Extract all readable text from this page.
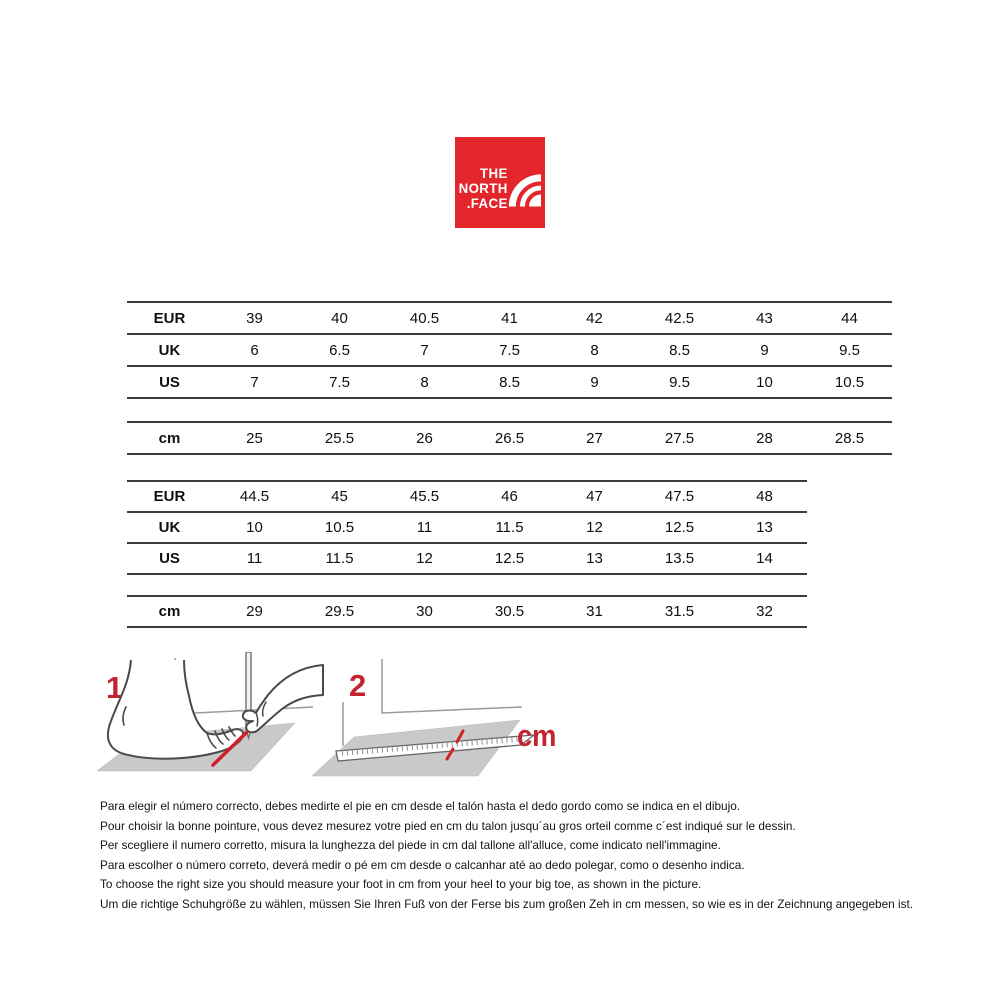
THE
NORTH
.FACE
EUR	39	40	40.5	41	42	42.5	43	44
UK	6	6.5	7	7.5	8	8.5	9	9.5
US	7	7.5	8	8.5	9	9.5	10	10.5
cm	25	25.5	26	26.5	27	27.5	28	28.5
EUR	44.5	45	45.5	46	47	47.5	48
UK	10	10.5	11	11.5	12	12.5	13
US	11	11.5	12	12.5	13	13.5	14
cm	29	29.5	30	30.5	31	31.5	32
1	2
cm
Para elegir el número correcto, debes medirte el pie en cm desde el talón hasta el dedo gordo como se indica en el dibujo.
Pour choisir la bonne pointure, vous devez mesurez votre pied en cm du talon jusqu´au gros orteil comme c´est indiqué sur le dessin.
Per scegliere il numero corretto, misura la lunghezza del piede in cm dal tallone all'alluce, come indicato nell'immagine.
Para escolher o número correto, deverá medir o pé em cm desde o calcanhar até ao dedo polegar, como o desenho indica.
To choose the right size you should measure your foot in cm from your heel to your big toe, as shown in the picture.
Um die richtige Schuhgröße zu wählen, müssen Sie Ihren Fuß von der Ferse bis zum großen Zeh in cm messen, so wie es in der Zeichnung angegeben ist.
